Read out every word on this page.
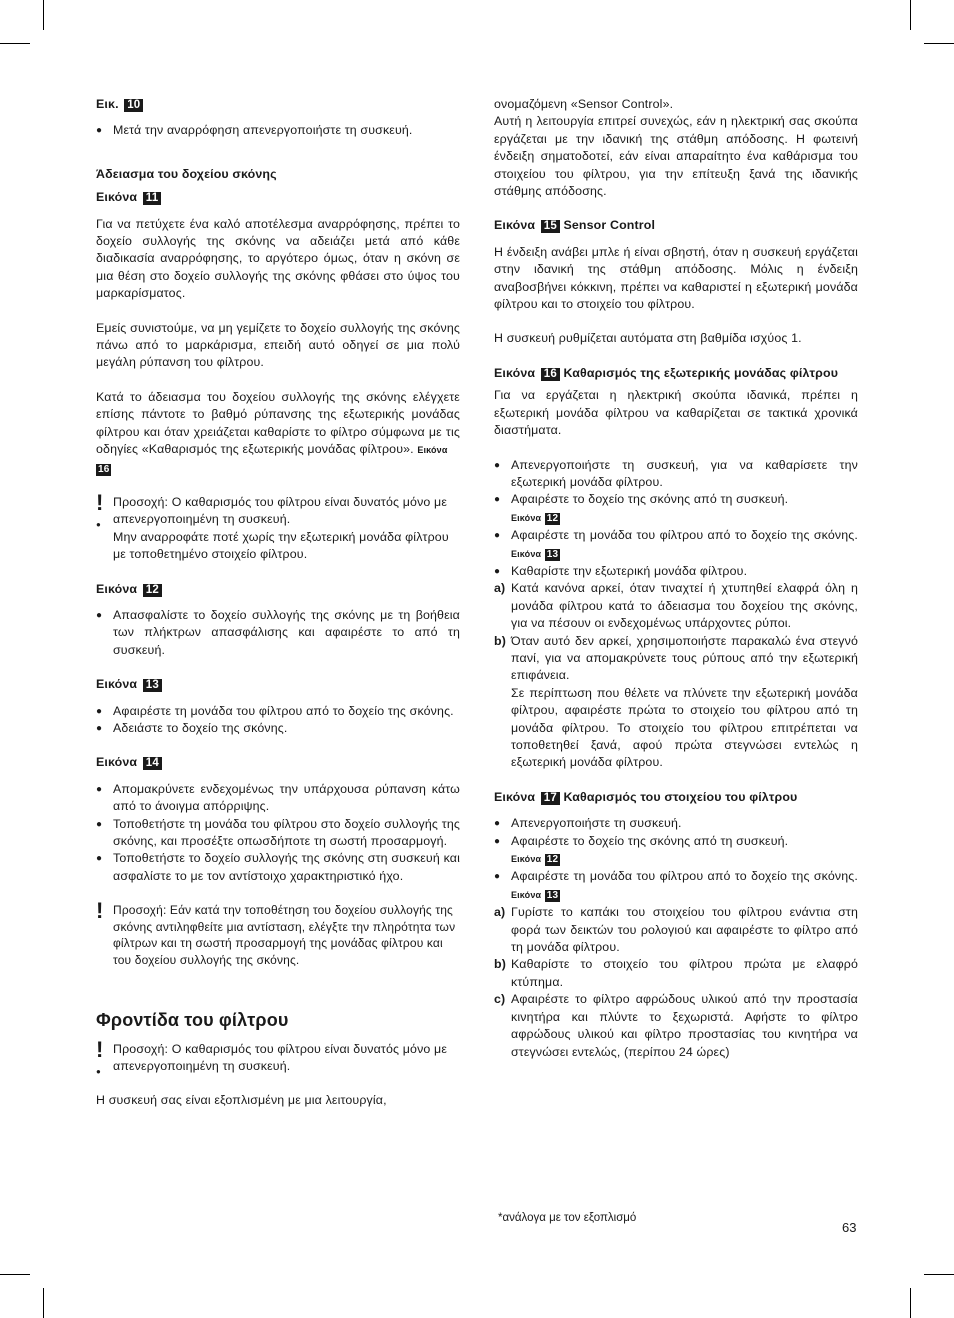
Εικ. 10

● Μετά την αναρρόφηση απενεργοποιήστε τη συσκευή.

Άδειασμα του δοχείου σκόνης

Εικόνα 11

Για να πετύχετε ένα καλό αποτέλεσμα αναρρόφησης, πρέπει το δοχείο συλλογής της σκόνης να αδειάζει μετά από κάθε διαδικασία αναρρόφησης, το αργότερο όμως, όταν η σκόνη σε μια θέση στο δοχείο συλλογής της σκόνης φθάσει στο ύψος του μαρκαρίσματος.

Εμείς συνιστούμε, να μη γεμίζετε το δοχείο συλλογής της σκόνης πάνω από το μαρκάρισμα, επειδή αυτό οδηγεί σε μια πολύ μεγάλη ρύπανση του φίλτρου.

Κατά το άδειασμα του δοχείου συλλογής της σκόνης ελέγχετε επίσης πάντοτε το βαθμό ρύπανσης της εξωτερικής μονάδας φίλτρου και όταν χρειάζεται καθαρίστε το φίλτρο σύμφωνα με τις οδηγίες «Καθαρισμός της εξωτερικής μονάδας φίλτρου». Εικόνα
16

!
●

Προσοχή: Ο καθαρισμός του φίλτρου είναι δυνατός μόνο με απενεργοποιημένη τη συσκευή.

Μην αναρροφάτε ποτέ χωρίς την εξωτερική μονάδα φίλτρου με τοποθετημένο στοιχείο φίλτρου.

Εικόνα 12

● Απασφαλίστε το δοχείο συλλογής της σκόνης με τη βοήθεια των πλήκτρων απασφάλισης και αφαιρέστε το από τη συσκευή.

Εικόνα 13

● Αφαιρέστε τη μονάδα του φίλτρου από το δοχείο της σκόνης.
● Αδειάστε το δοχείο της σκόνης.

Εικόνα 14

● Απομακρύνετε ενδεχομένως την υπάρχουσα ρύπανση κάτω από το άνοιγμα απόρριψης.
● Τοποθετήστε τη μονάδα του φίλτρου στο δοχείο συλλογής της σκόνης, και προσέξτε οπωσδήποτε τη σωστή προσαρμογή.
● Τοποθετήστε το δοχείο συλλογής της σκόνης στη συσκευή και ασφαλίστε το με τον αντίστοιχο χαρακτηριστικό ήχο.
! Προσοχή: Εάν κατά την τοποθέτηση του δοχείου συλλογής της σκόνης αντιληφθείτε μια αντίσταση, ελέγξτε την πληρότητα των φίλτρων και τη σωστή προσαρμογή της μονάδας φίλτρου και του δοχείου συλλογής της σκόνης.

Φροντίδα του φίλτρου

!
●

Προσοχή: Ο καθαρισμός του φίλτρου είναι δυνατός μόνο με απενεργοποιημένη τη συσκευή.

Η συσκευή σας είναι εξοπλισμένη με μια λειτουργία,

ονομαζόμενη «Sensor Control».

Αυτή η λειτουργία επιτρεί συνεχώς, εάν η ηλεκτρική σας σκούπα εργάζεται με την ιδανική της στάθμη απόδοσης. Η φωτεινή ένδειξη σηματοδοτεί, εάν είναι απαραίτητο ένα καθάρισμα του στοιχείου του φίλτρου, για την επίτευξη ξανά της ιδανικής στάθμης απόδοσης.

Εικόνα 15 Sensor Control

Η ένδειξη ανάβει μπλε ή είναι σβηστή, όταν η συσκευή εργάζεται στην ιδανική της στάθμη απόδοσης. Μόλις η ένδειξη αναβοσβήνει κόκκινη, πρέπει να καθαριστεί η εξωτερική μονάδα φίλτρου και το στοιχείο του φίλτρου.

Η συσκευή ρυθμίζεται αυτόματα στη βαθμίδα ισχύος 1.

Εικόνα 16 Καθαρισμός της εξωτερικής μονάδας φίλτρου

Για να εργάζεται η ηλεκτρική σκούπα ιδανικά, πρέπει η εξωτερική μονάδα φίλτρου να καθαρίζεται σε τακτικά χρονικά διαστήματα.

● Απενεργοποιήστε τη συσκευή, για να καθαρίσετε την εξωτερική μονάδα φίλτρου.
● Αφαιρέστε το δοχείο της σκόνης από τη συσκευή.
Εικόνα 12
● Αφαιρέστε τη μονάδα του φίλτρου από το δοχείο της σκόνης. Εικόνα 13
● Καθαρίστε την εξωτερική μονάδα φίλτρου.
a) Κατά κανόνα αρκεί, όταν τιναχτεί ή χτυπηθεί ελαφρά όλη η μονάδα φίλτρου κατά το άδειασμα του δοχείου της σκόνης, για να πέσουν οι ενδεχομένως υπάρχοντες ρύποι.
b) Όταν αυτό δεν αρκεί, χρησιμοποιήστε παρακαλώ ένα στεγνό πανί, για να απομακρύνετε τους ρύπους από την εξωτερική επιφάνεια.
Σε περίπτωση που θέλετε να πλύνετε την εξωτερική μονάδα φίλτρου, αφαιρέστε πρώτα το στοιχείο του φίλτρου από τη μονάδα φίλτρου. Το στοιχείο του φίλτρου επιτρέπεται να τοποθετηθεί ξανά, αφού πρώτα στεγνώσει εντελώς η εξωτερική μονάδα φίλτρου.

Εικόνα 17 Καθαρισμός του στοιχείου του φίλτρου

● Απενεργοποιήστε τη συσκευή.
● Αφαιρέστε το δοχείο της σκόνης από τη συσκευή.
Εικόνα 12
● Αφαιρέστε τη μονάδα του φίλτρου από το δοχείο της σκόνης. Εικόνα 13
a) Γυρίστε το καπάκι του στοιχείου του φίλτρου ενάντια στη φορά των δεικτών του ρολογιού και αφαιρέστε το φίλτρο από τη μονάδα φίλτρου.
b) Καθαρίστε το στοιχείο του φίλτρου πρώτα με ελαφρό κτύπημα.
c) Αφαιρέστε το φίλτρο αφρώδους υλικού από την προστασία κινητήρα και πλύντε το ξεχωριστά. Αφήστε το φίλτρο αφρώδους υλικού και φίλτρο προστασίας του κινητήρα να στεγνώσει εντελώς, (περίπου 24 ώρες)
*ανάλογα με τον εξοπλισμό
63
